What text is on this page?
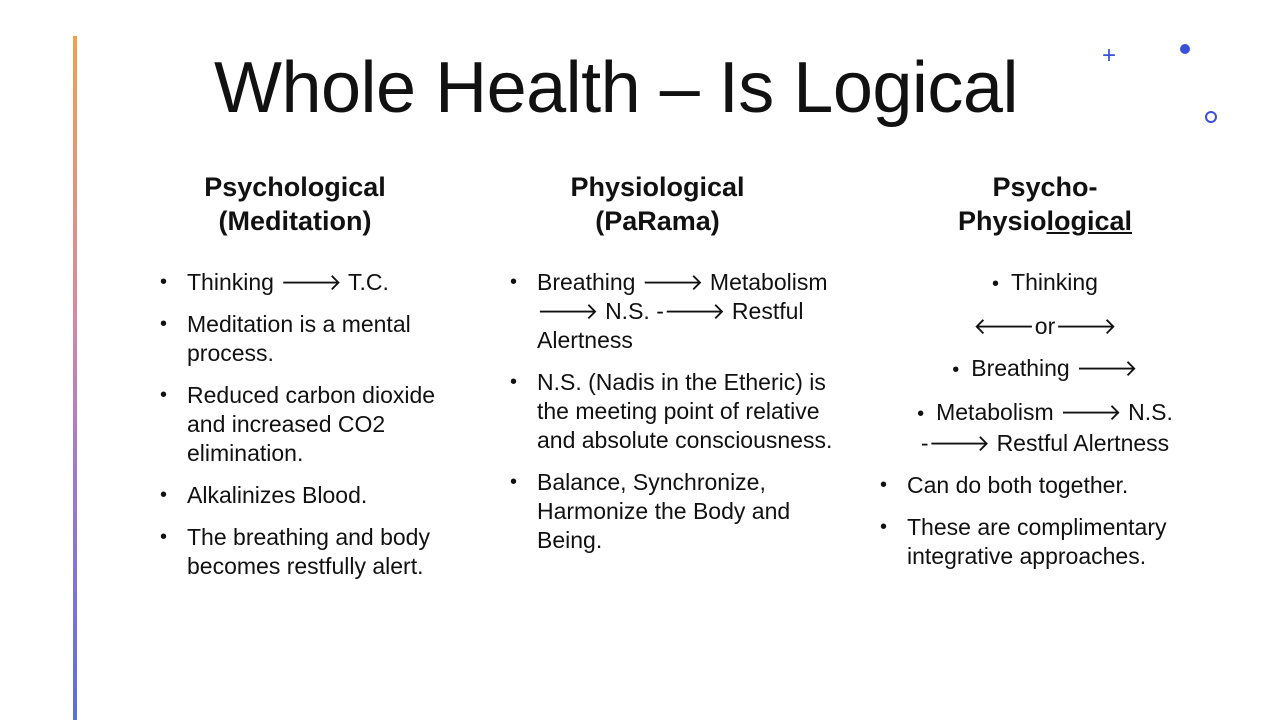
+
Whole Health – Is Logical
Psychological
(Meditation)
• Thinking 🡒 T.C.
• Meditation is a mental process.
• Reduced carbon dioxide and increased CO2 elimination.
• Alkalinizes Blood.
• The breathing and body becomes restfully alert.
Physiological
(PaRama)
• Breathing 🡒 Metabolism 🡒 N.S. -🡒 Restful Alertness
• N.S. (Nadis in the Etheric) is the meeting point of relative and absolute consciousness.
• Balance, Synchronize, Harmonize the Body and Being.
Psycho-
Physiological
• Thinking
🡐or🡒
• Breathing 🡒
• Metabolism 🡒 N.S. -🡒 Restful Alertness
• Can do both together.
• These are complimentary integrative approaches.
